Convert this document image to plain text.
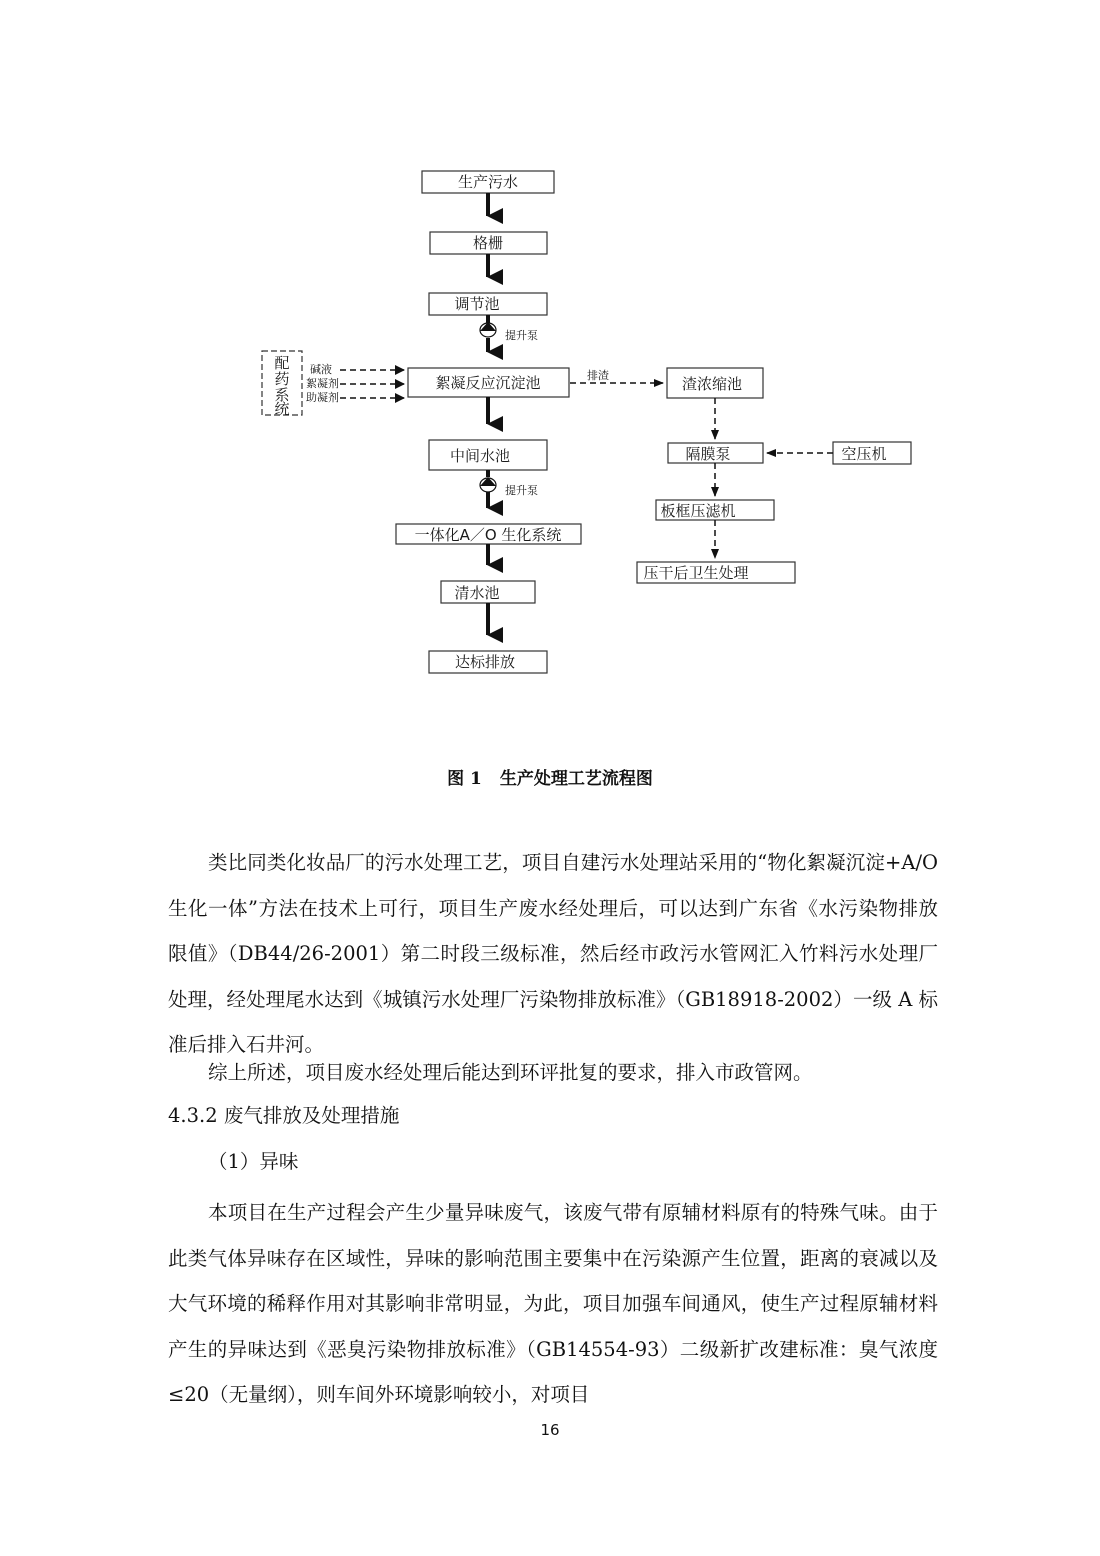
生产污水
格栅
调节池
提升泵
絮凝反应沉淀池
中间水池
提升泵
一体化A／O 生化系统
清水池
达标排放
配
药
系
统
碱液
絮凝剂
助凝剂
排渣	渣浓缩池
隔膜泵	空压机
板框压滤机
压干后卫生处理
图 1 生产处理工艺流程图
类比同类化妆品厂的污水处理工艺，项目自建污水处理站采用的“物化絮凝沉淀+A/O 生化一体”方法在技术上可行，项目生产废水经处理后，可以达到广东省《水污染物排放限值》（DB44/26-2001）第二时段三级标准，然后经市政污水管网汇入竹料污水处理厂处理，经处理尾水达到《城镇污水处理厂污染物排放标准》（GB18918-2002）一级 A 标准后排入石井河。
综上所述，项目废水经处理后能达到环评批复的要求，排入市政管网。
4.3.2 废气排放及处理措施
（1）异味
本项目在生产过程会产生少量异味废气，该废气带有原辅材料原有的特殊气味。由于此类气体异味存在区域性，异味的影响范围主要集中在污染源产生位置，距离的衰减以及大气环境的稀释作用对其影响非常明显，为此，项目加强车间通风，使生产过程原辅材料产生的异味达到《恶臭污染物排放标准》（GB14554-93）二级新扩改建标准：臭气浓度≤20（无量纲），则车间外环境影响较小，对项目
16
